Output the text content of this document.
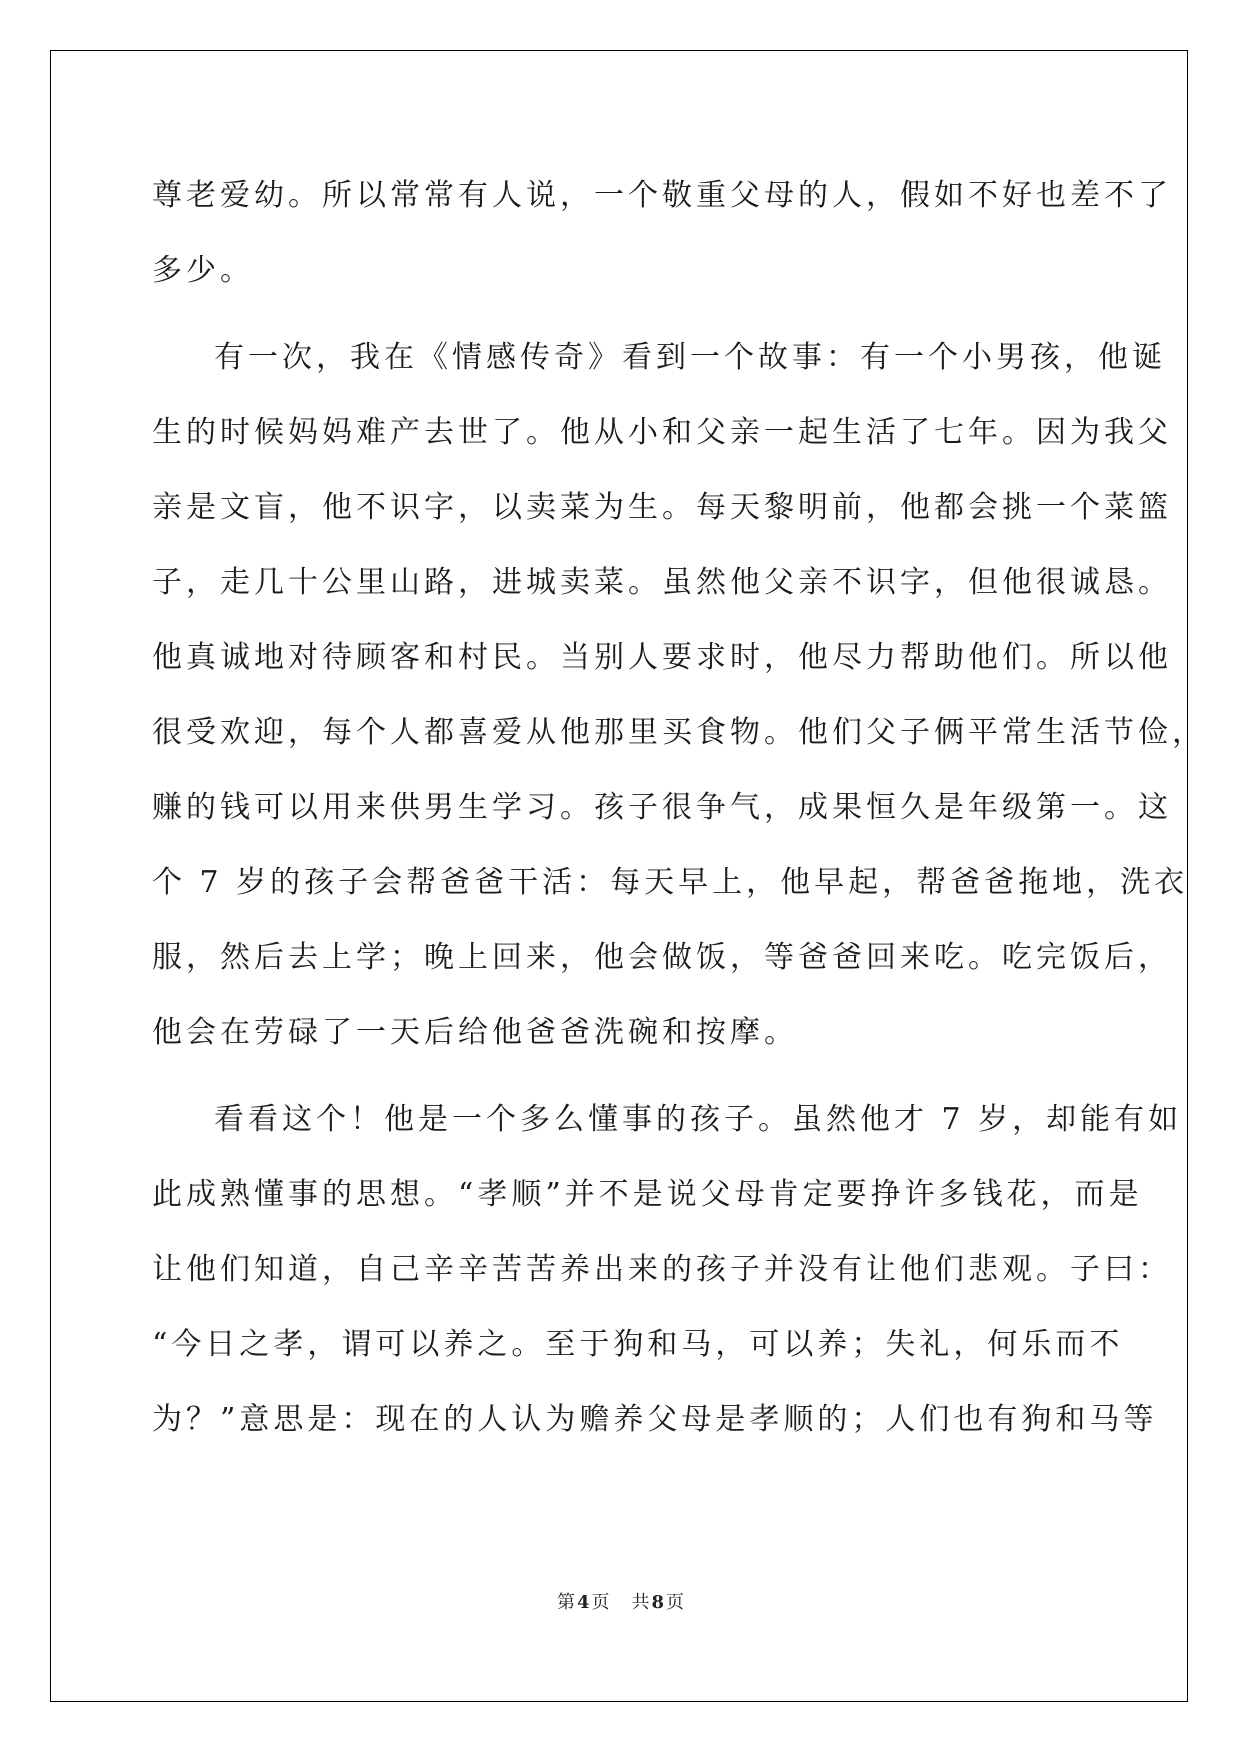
尊老爱幼。所以常常有人说，一个敬重父母的人，假如不好也差不了
多少。
有一次，我在《情感传奇》看到一个故事：有一个小男孩，他诞
生的时候妈妈难产去世了。他从小和父亲一起生活了七年。因为我父
亲是文盲，他不识字，以卖菜为生。每天黎明前，他都会挑一个菜篮
子，走几十公里山路，进城卖菜。虽然他父亲不识字，但他很诚恳。
他真诚地对待顾客和村民。当别人要求时，他尽力帮助他们。所以他
很受欢迎，每个人都喜爱从他那里买食物。他们父子俩平常生活节俭，
赚的钱可以用来供男生学习。孩子很争气，成果恒久是年级第一。这
个 7 岁的孩子会帮爸爸干活：每天早上，他早起，帮爸爸拖地，洗衣
服，然后去上学；晚上回来，他会做饭，等爸爸回来吃。吃完饭后，
他会在劳碌了一天后给他爸爸洗碗和按摩。
看看这个！他是一个多么懂事的孩子。虽然他才 7 岁，却能有如
此成熟懂事的思想。“孝顺”并不是说父母肯定要挣许多钱花，而是
让他们知道，自己辛辛苦苦养出来的孩子并没有让他们悲观。子曰：
“今日之孝，谓可以养之。至于狗和马，可以养；失礼，何乐而不
为？”意思是：现在的人认为赡养父母是孝顺的；人们也有狗和马等
第 4 页 共 8 页
